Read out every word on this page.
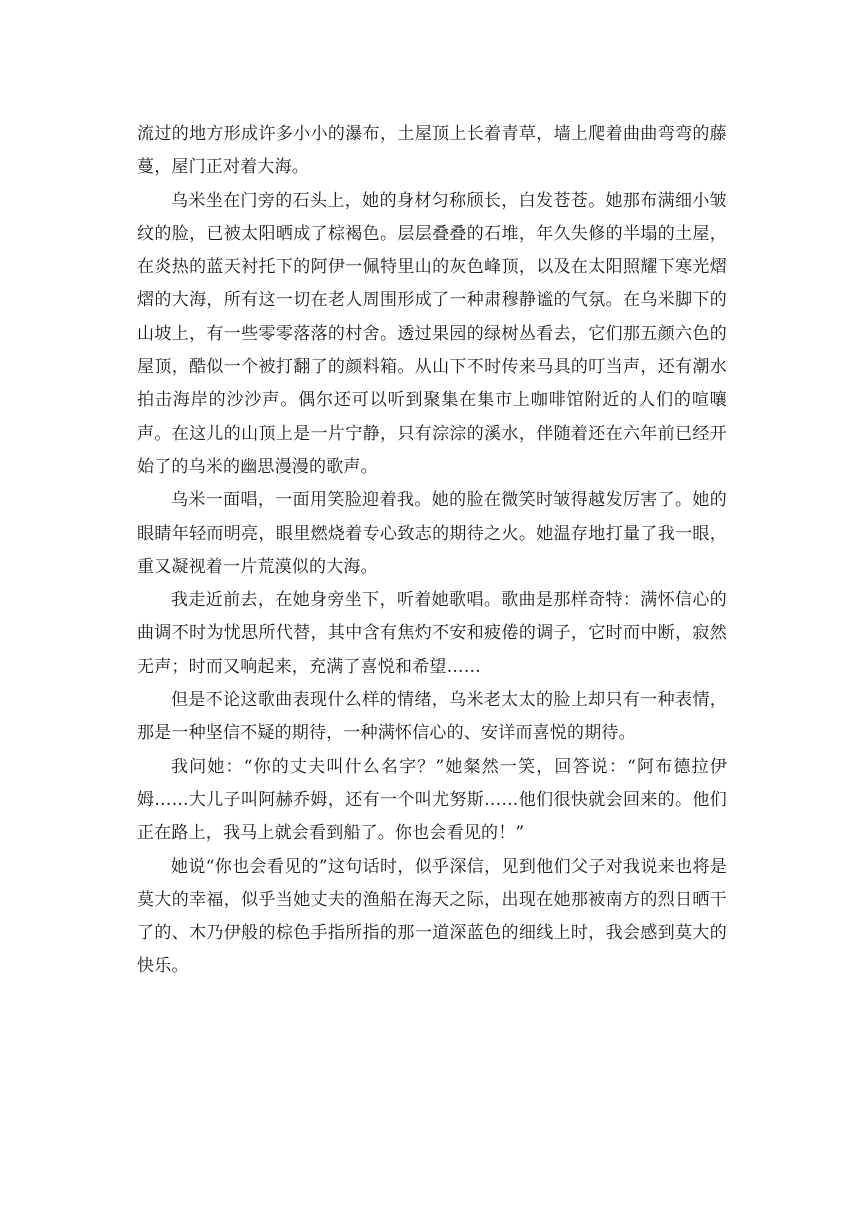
流过的地方形成许多小小的瀑布，土屋顶上长着青草，墙上爬着曲曲弯弯的藤蔓，屋门正对着大海。

乌米坐在门旁的石头上，她的身材匀称颀长，白发苍苍。她那布满细小皱纹的脸，已被太阳晒成了棕褐色。层层叠叠的石堆，年久失修的半塌的土屋，在炎热的蓝天衬托下的阿伊一佩特里山的灰色峰顶，以及在太阳照耀下寒光熠熠的大海，所有这一切在老人周围形成了一种肃穆静谧的气氛。在乌米脚下的山坡上，有一些零零落落的村舍。透过果园的绿树丛看去，它们那五颜六色的屋顶，酷似一个被打翻了的颜料箱。从山下不时传来马具的叮当声，还有潮水拍击海岸的沙沙声。偶尔还可以听到聚集在集市上咖啡馆附近的人们的喧嚷声。在这儿的山顶上是一片宁静，只有淙淙的溪水，伴随着还在六年前已经开始了的乌米的幽思漫漫的歌声。

乌米一面唱，一面用笑脸迎着我。她的脸在微笑时皱得越发厉害了。她的眼睛年轻而明亮，眼里燃烧着专心致志的期待之火。她温存地打量了我一眼，重又凝视着一片荒漠似的大海。

我走近前去，在她身旁坐下，听着她歌唱。歌曲是那样奇特：满怀信心的曲调不时为忧思所代替，其中含有焦灼不安和疲倦的调子，它时而中断，寂然无声；时而又响起来，充满了喜悦和希望……

但是不论这歌曲表现什么样的情绪，乌米老太太的脸上却只有一种表情，那是一种坚信不疑的期待，一种满怀信心的、安详而喜悦的期待。

我问她：“你的丈夫叫什么名字？”她粲然一笑，回答说：“阿布德拉伊姆……大儿子叫阿赫乔姆，还有一个叫尤努斯……他们很快就会回来的。他们正在路上，我马上就会看到船了。你也会看见的！”

她说“你也会看见的”这句话时，似乎深信，见到他们父子对我说来也将是莫大的幸福，似乎当她丈夫的渔船在海天之际，出现在她那被南方的烈日晒干了的、木乃伊般的棕色手指所指的那一道深蓝色的细线上时，我会感到莫大的快乐。
